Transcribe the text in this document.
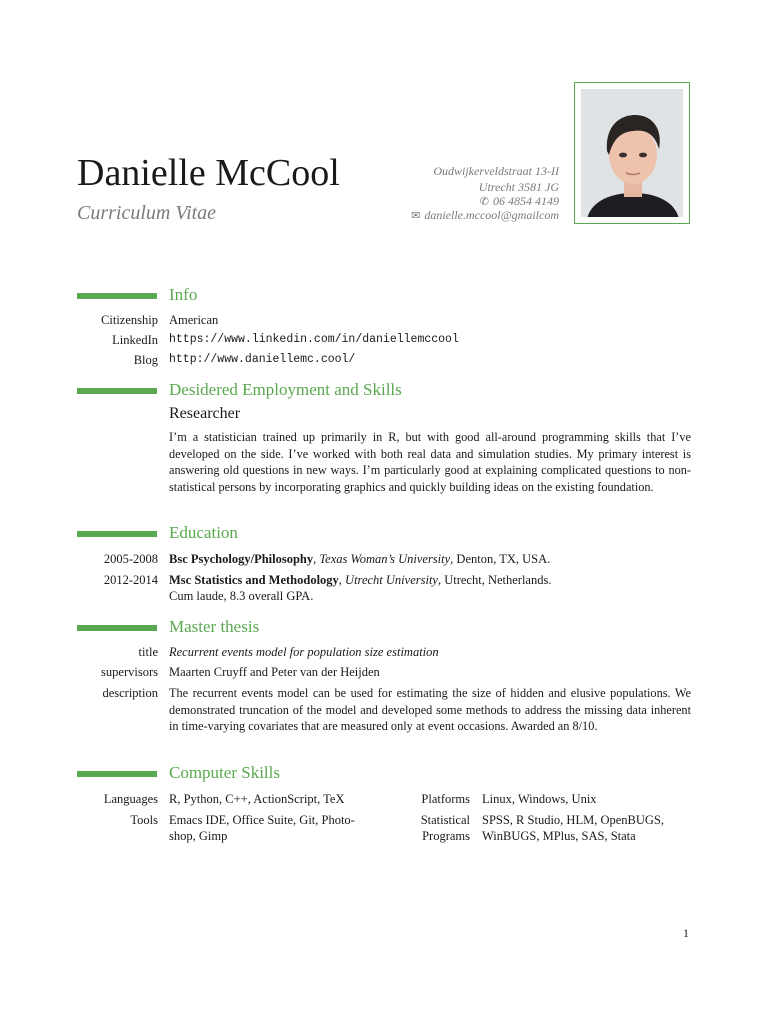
Danielle McCool
Curriculum Vitae
Oudwijkerveldstraat 13-II
Utrecht 3581 JG
✆ 06 4854 4149
✉ danielle.mccool@gmailcom
Info
Citizenship American
LinkedIn https://www.linkedin.com/in/daniellemccool
Blog http://www.daniellemc.cool/
Desidered Employment and Skills
Researcher
I’m a statistician trained up primarily in R, but with good all-around programming skills that I’ve developed on the side. I’ve worked with both real data and simulation studies. My primary interest is answering old questions in new ways. I’m particularly good at explaining complicated questions to non-statistical persons by incorporating graphics and quickly building ideas on the existing foundation.
Education
2005-2008 Bsc Psychology/Philosophy, Texas Woman’s University, Denton, TX, USA.
2012-2014 Msc Statistics and Methodology, Utrecht University, Utrecht, Netherlands.
Cum laude, 8.3 overall GPA.
Master thesis
title Recurrent events model for population size estimation
supervisors Maarten Cruyff and Peter van der Heijden
description The recurrent events model can be used for estimating the size of hidden and elusive populations. We demonstrated truncation of the model and developed some methods to address the missing data inherent in time-varying covariates that are measured only at event occasions. Awarded an 8/10.
Computer Skills
Languages R, Python, C++, ActionScript, TeX
Tools Emacs IDE, Office Suite, Git, Photo-shop, Gimp
Platforms Linux, Windows, Unix
Statistical Programs
SPSS, R Studio, HLM, OpenBUGS, WinBUGS, MPlus, SAS, Stata
1
